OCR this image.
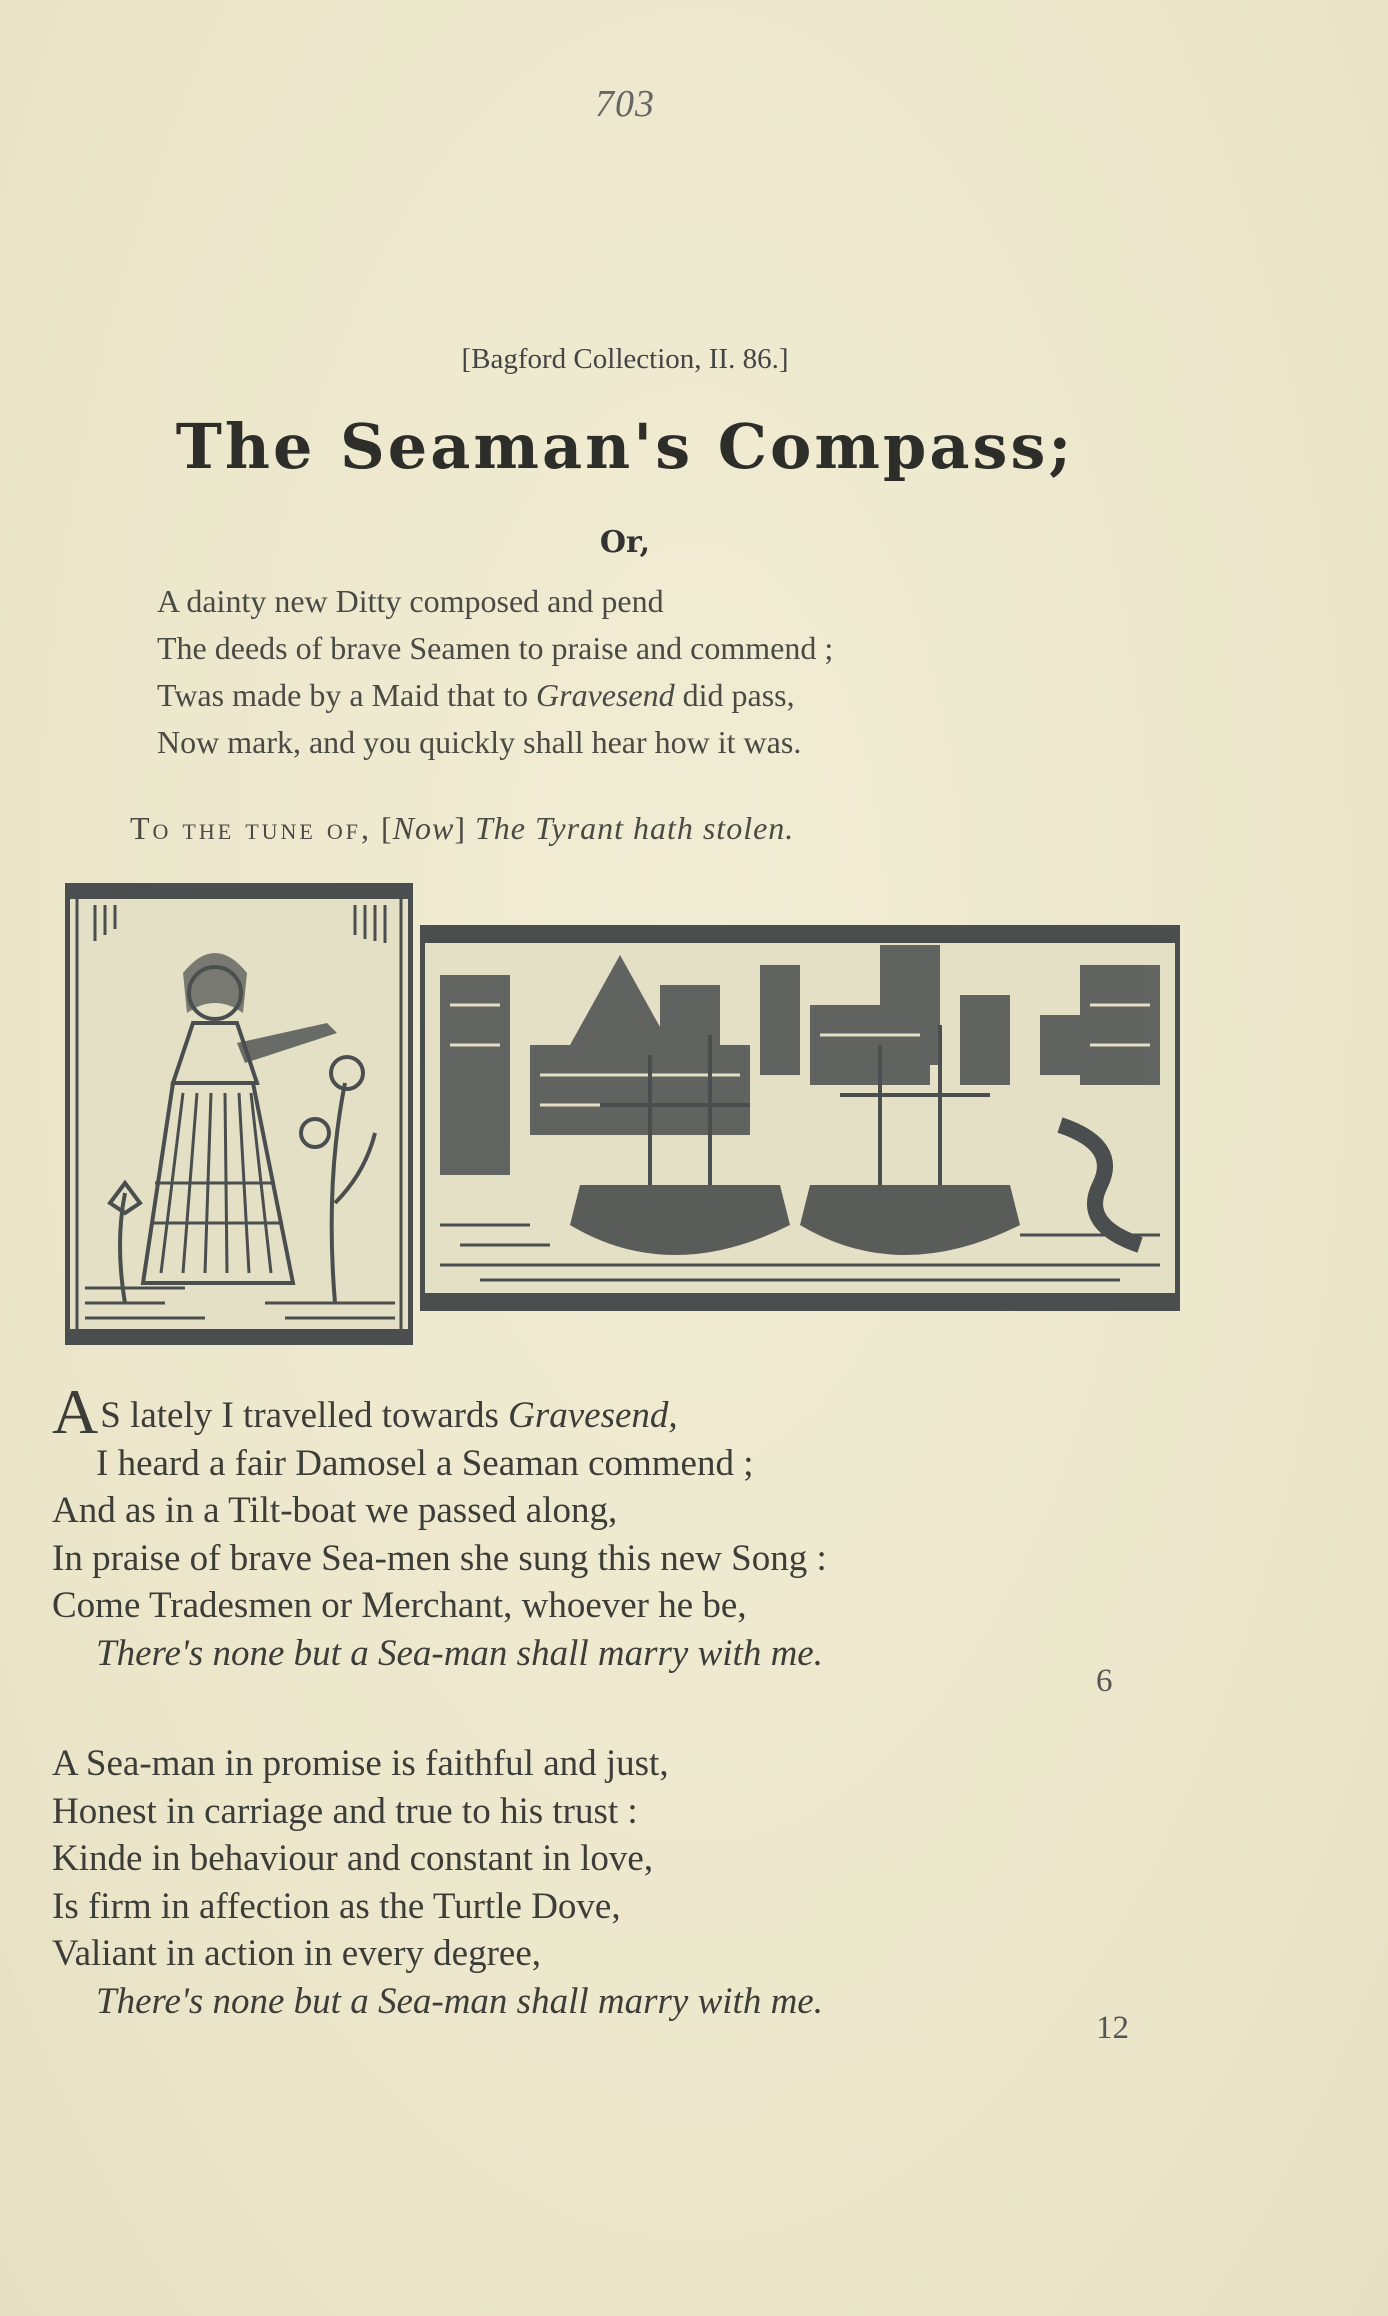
703
[Bagford Collection, II. 86.]
The Seaman's Compass;
Or,
A dainty new Ditty composed and pend
The deeds of brave Seamen to praise and commend ;
Twas made by a Maid that to Gravesend did pass,
Now mark, and you quickly shall hear how it was.
To the tune of, [Now] The Tyrant hath stolen.
AS lately I travelled towards Gravesend,
I heard a fair Damosel a Seaman commend ;
And as in a Tilt-boat we passed along,
In praise of brave Sea-men she sung this new Song :
Come Tradesmen or Merchant, whoever he be,
There's none but a Sea-man shall marry with me.
6
A Sea-man in promise is faithful and just,
Honest in carriage and true to his trust :
Kinde in behaviour and constant in love,
Is firm in affection as the Turtle Dove,
Valiant in action in every degree,
There's none but a Sea-man shall marry with me.
12
